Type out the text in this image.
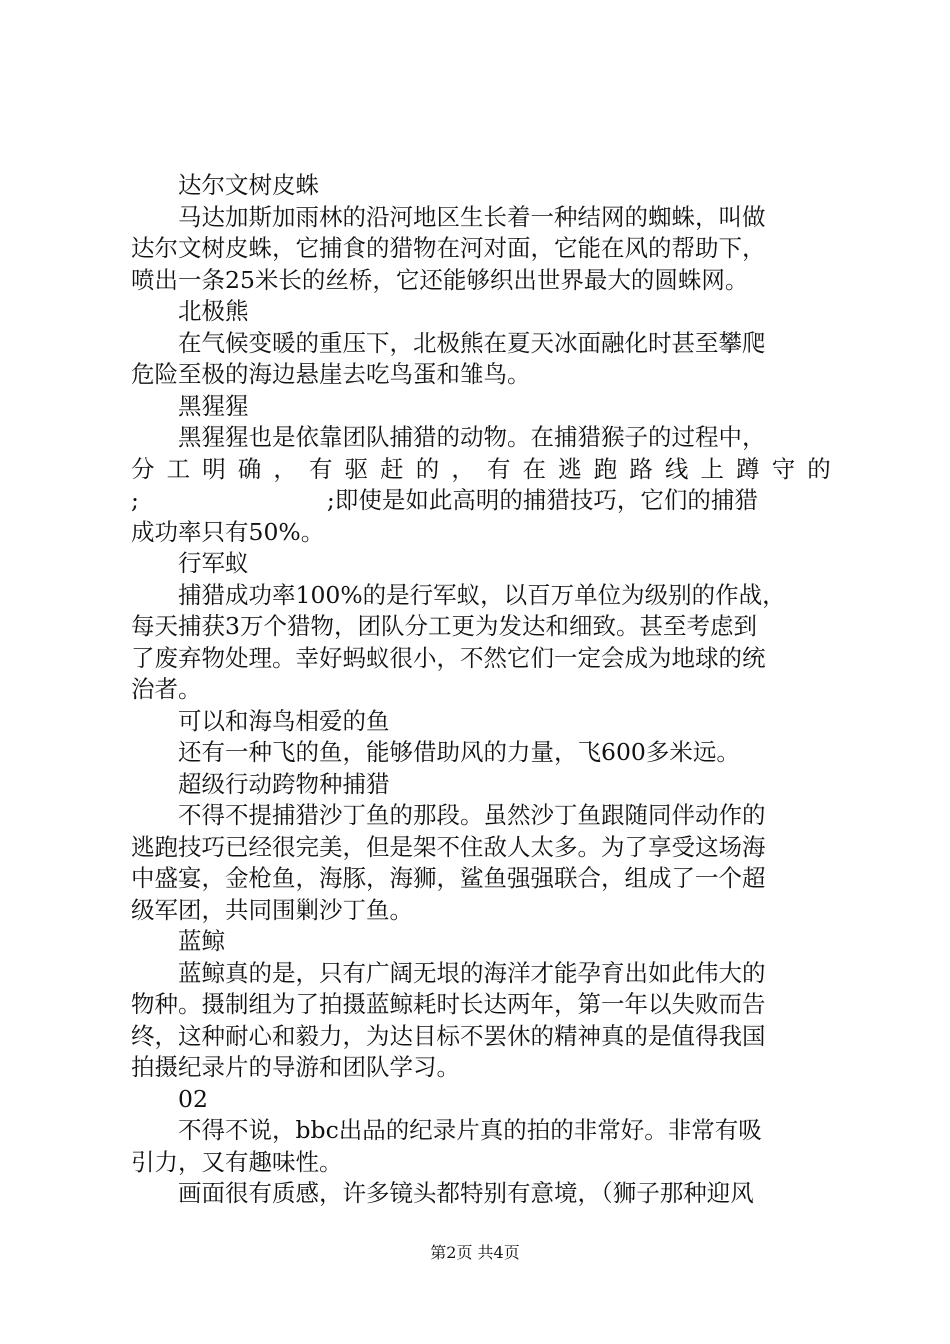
达尔文树皮蛛
马达加斯加雨林的沿河地区生长着一种结网的蜘蛛，叫做
达尔文树皮蛛，它捕食的猎物在河对面，它能在风的帮助下，
喷出一条25米长的丝桥，它还能够织出世界最大的圆蛛网。
北极熊
在气候变暖的重压下，北极熊在夏天冰面融化时甚至攀爬
危险至极的海边悬崖去吃鸟蛋和雏鸟。
黑猩猩
黑猩猩也是依靠团队捕猎的动物。在捕猎猴子的过程中，
分 工 明 确 ， 有 驱 赶 的 ， 有 在 逃 跑 路 线 上 蹲 守 的
;　　　　　　　　;即使是如此高明的捕猎技巧，它们的捕猎
成功率只有50%。
行军蚁
捕猎成功率100%的是行军蚁，以百万单位为级别的作战，
每天捕获3万个猎物，团队分工更为发达和细致。甚至考虑到
了废弃物处理。幸好蚂蚁很小，不然它们一定会成为地球的统
治者。
可以和海鸟相爱的鱼
还有一种飞的鱼，能够借助风的力量，飞600多米远。
超级行动跨物种捕猎
不得不提捕猎沙丁鱼的那段。虽然沙丁鱼跟随同伴动作的
逃跑技巧已经很完美，但是架不住敌人太多。为了享受这场海
中盛宴，金枪鱼，海豚，海狮，鲨鱼强强联合，组成了一个超
级军团，共同围剿沙丁鱼。
蓝鲸
蓝鲸真的是，只有广阔无垠的海洋才能孕育出如此伟大的
物种。摄制组为了拍摄蓝鲸耗时长达两年，第一年以失败而告
终，这种耐心和毅力，为达目标不罢休的精神真的是值得我国
拍摄纪录片的导游和团队学习。
02
不得不说，bbc出品的纪录片真的拍的非常好。非常有吸
引力，又有趣味性。
画面很有质感，许多镜头都特别有意境，（狮子那种迎风
第2页 共4页
